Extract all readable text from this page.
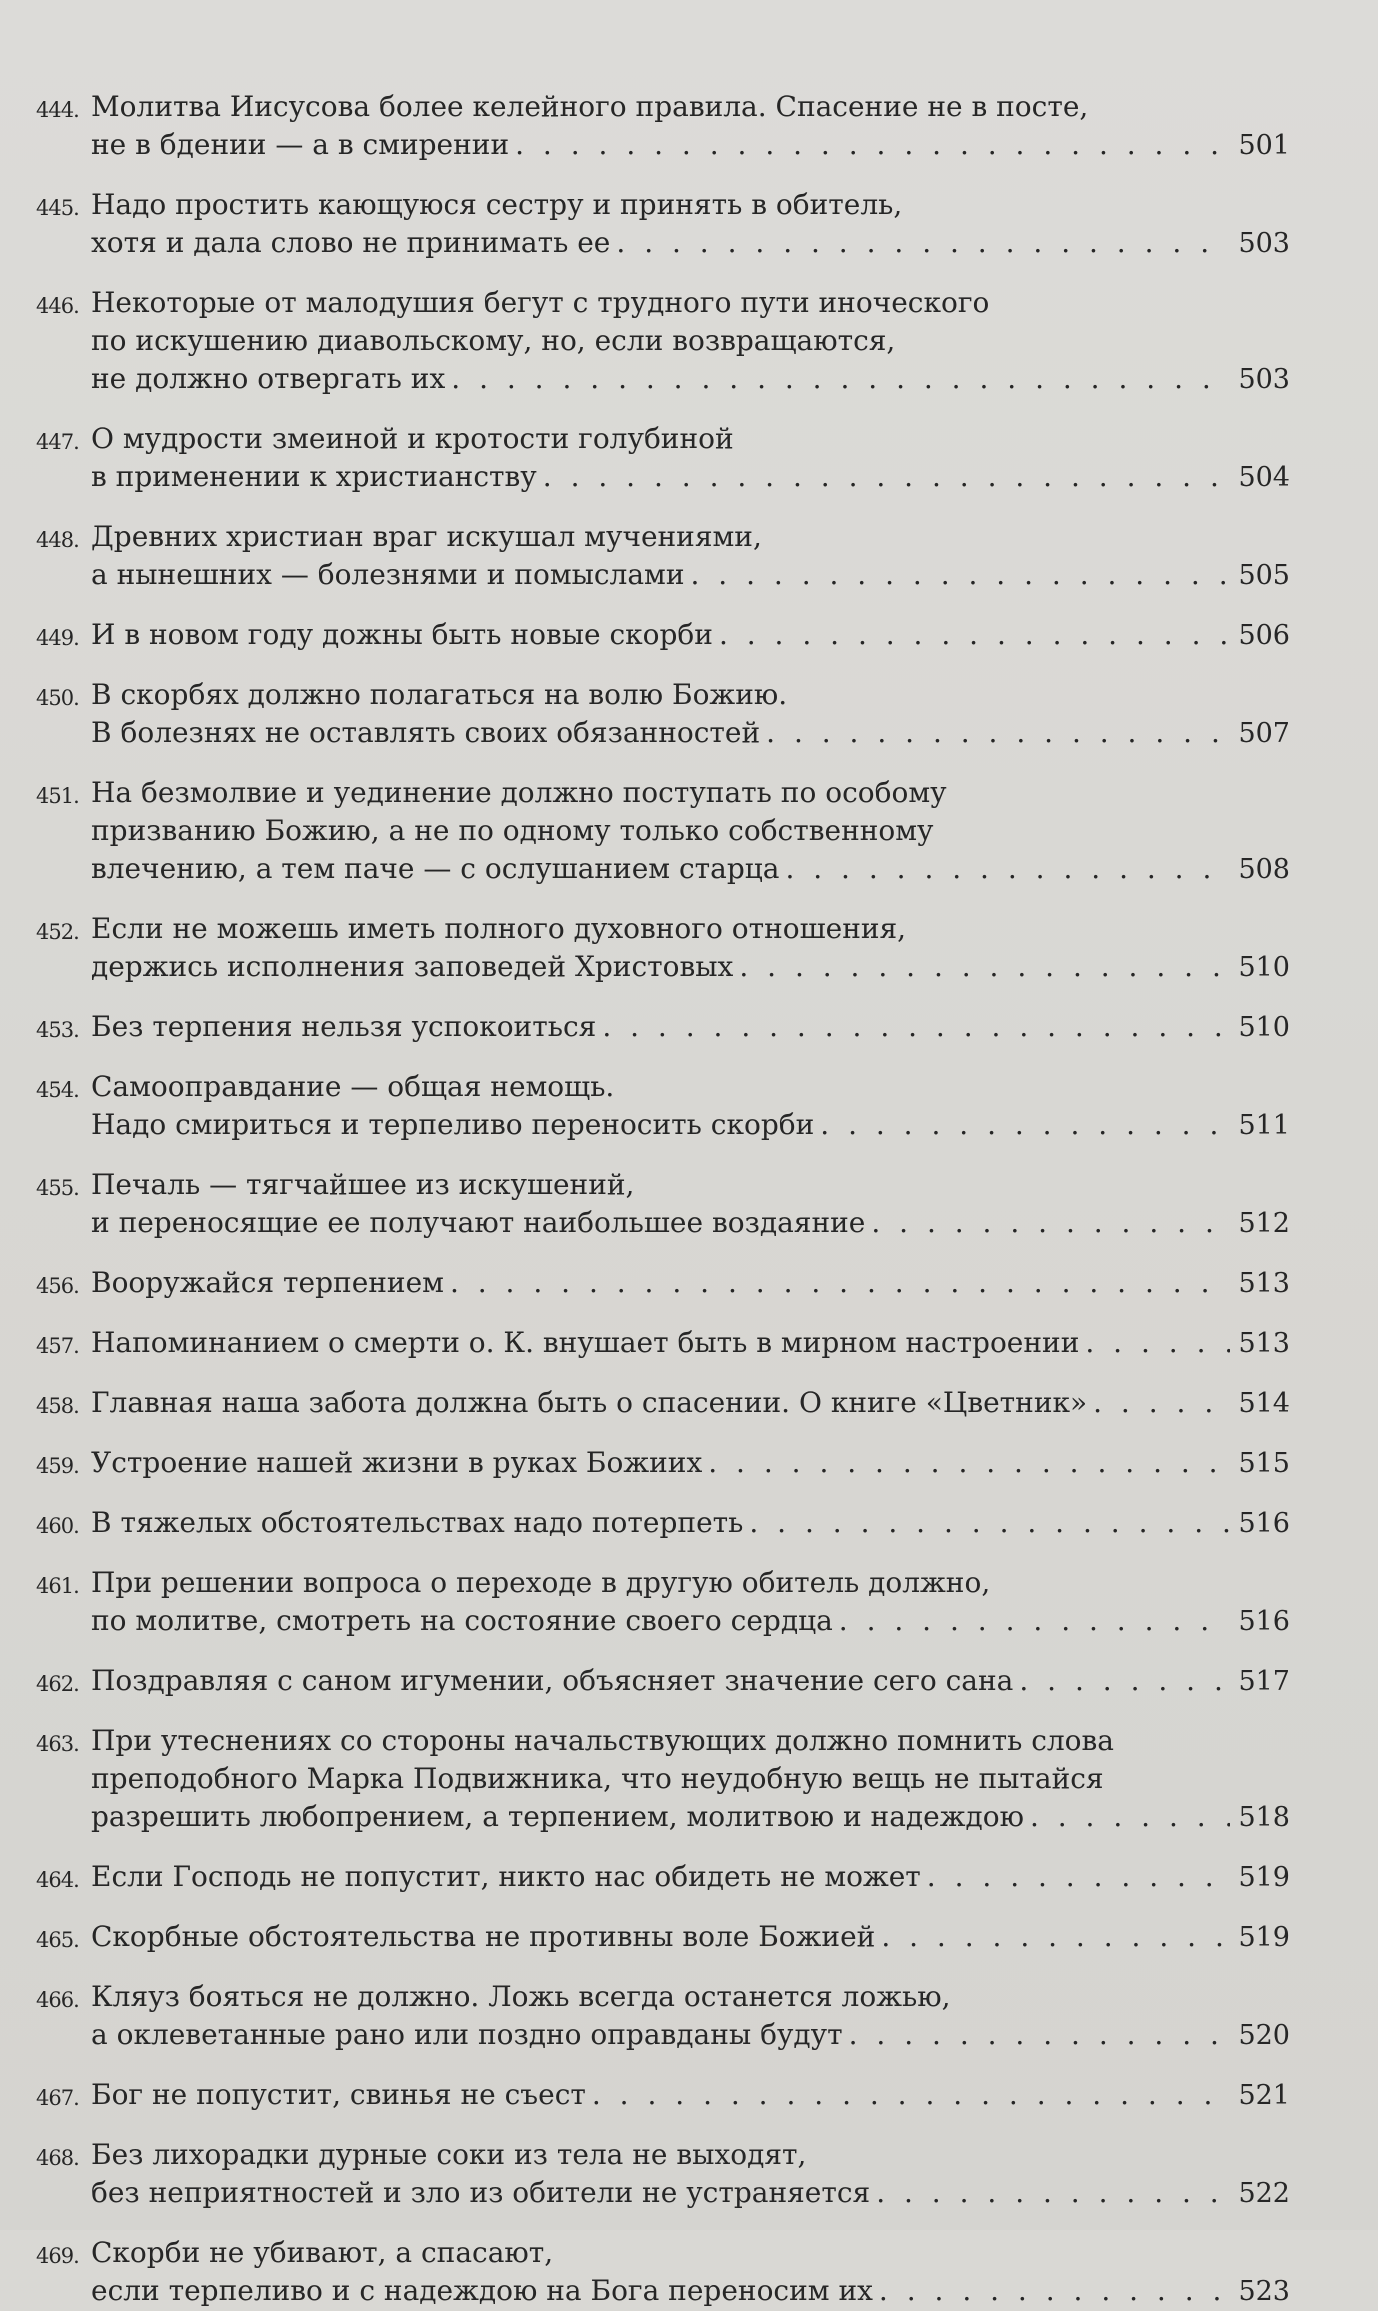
444. Молитва Иисусова более келейного правила. Спасение не в посте,
не в бдении — а в смирении . . .	501
445. Надо простить кающуюся сестру и принять в обитель,
хотя и дала слово не принимать ее . . .	503
446. Некоторые от малодушия бегут с трудного пути иноческого
по искушению диавольскому, но, если возвращаются,
не должно отвергать их . . .	503
447. О мудрости змеиной и кротости голубиной
в применении к христианству . . .	504
448. Древних христиан враг искушал мучениями,
а нынешних — болезнями и помыслами . . .	505
449. И в новом году дожны быть новые скорби . . .	506
450. В скорбях должно полагаться на волю Божию.
В болезнях не оставлять своих обязанностей . . .	507
451. На безмолвие и уединение должно поступать по особому
призванию Божию, а не по одному только собственному
влечению, а тем паче — с ослушанием старца . . .	508
452. Если не можешь иметь полного духовного отношения,
держись исполнения заповедей Христовых . . .	510
453. Без терпения нельзя успокоиться . . .	510
454. Самооправдание — общая немощь.
Надо смириться и терпеливо переносить скорби . . .	511
455. Печаль — тягчайшее из искушений,
и переносящие ее получают наибольшее воздаяние . . .	512
456. Вооружайся терпением . . .	513
457. Напоминанием о смерти о. К. внушает быть в мирном настроении . . .	513
458. Главная наша забота должна быть о спасении. О книге «Цветник» . . .	514
459. Устроение нашей жизни в руках Божиих . . .	515
460. В тяжелых обстоятельствах надо потерпеть . . .	516
461. При решении вопроса о переходе в другую обитель должно,
по молитве, смотреть на состояние своего сердца . . .	516
462. Поздравляя с саном игумении, объясняет значение сего сана . . .	517
463. При утеснениях со стороны начальствующих должно помнить слова
преподобного Марка Подвижника, что неудобную вещь не пытайся
разрешить любопрением, а терпением, молитвою и надеждою . . .	518
464. Если Господь не попустит, никто нас обидеть не может . . .	519
465. Скорбные обстоятельства не противны воле Божией . . .	519
466. Кляуз бояться не должно. Ложь всегда останется ложью,
а оклеветанные рано или поздно оправданы будут . . .	520
467. Бог не попустит, свинья не съест . . .	521
468. Без лихорадки дурные соки из тела не выходят,
без неприятностей и зло из обители не устраняется . . .	522
469. Скорби не убивают, а спасают,
если терпеливо и с надеждою на Бога переносим их . . .	523
